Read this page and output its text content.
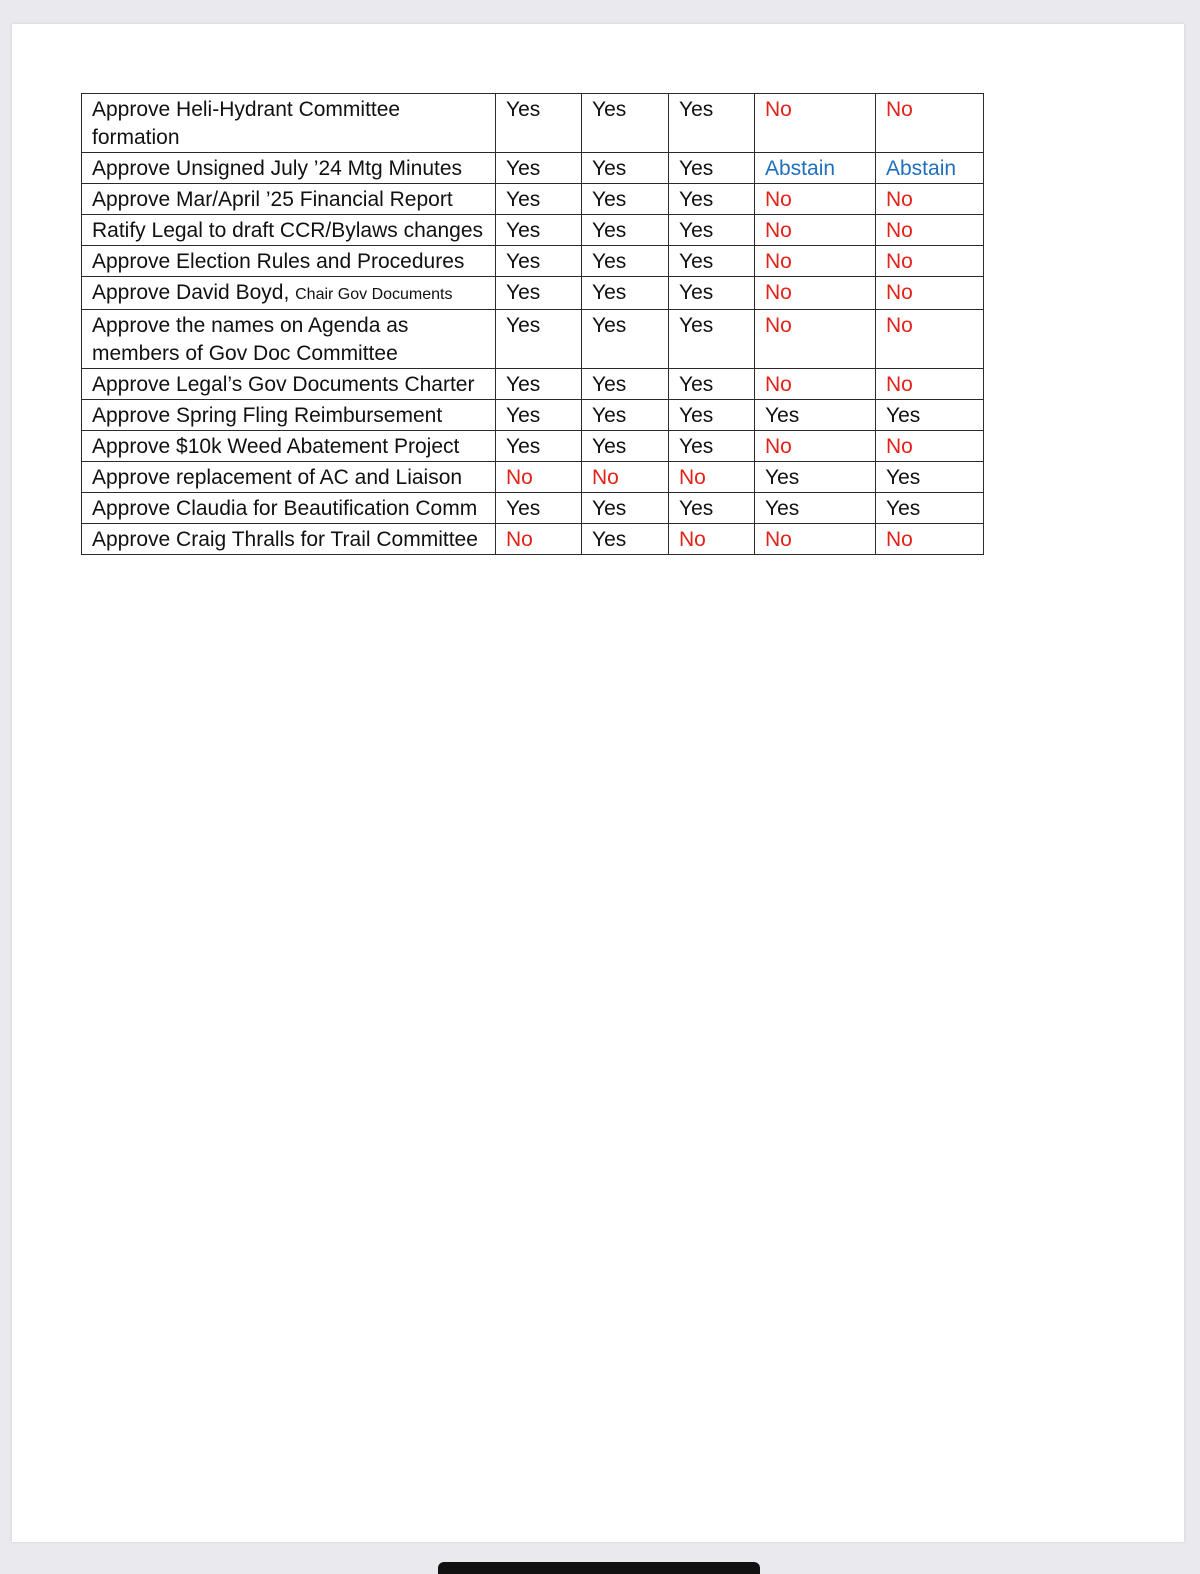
Approve Heli-Hydrant Committee formation	Yes	Yes	Yes	No	No
Approve Unsigned July ’24 Mtg Minutes	Yes	Yes	Yes	Abstain	Abstain
Approve Mar/April ’25 Financial Report	Yes	Yes	Yes	No	No
Ratify Legal to draft CCR/Bylaws changes	Yes	Yes	Yes	No	No
Approve Election Rules and Procedures	Yes	Yes	Yes	No	No
Approve David Boyd, Chair Gov Documents	Yes	Yes	Yes	No	No
Approve the names on Agenda as members of Gov Doc Committee	Yes	Yes	Yes	No	No
Approve Legal’s Gov Documents Charter	Yes	Yes	Yes	No	No
Approve Spring Fling Reimbursement	Yes	Yes	Yes	Yes	Yes
Approve $10k Weed Abatement Project	Yes	Yes	Yes	No	No
Approve replacement of AC and Liaison	No	No	No	Yes	Yes
Approve Claudia for Beautification Comm	Yes	Yes	Yes	Yes	Yes
Approve Craig Thralls for Trail Committee	No	Yes	No	No	No
